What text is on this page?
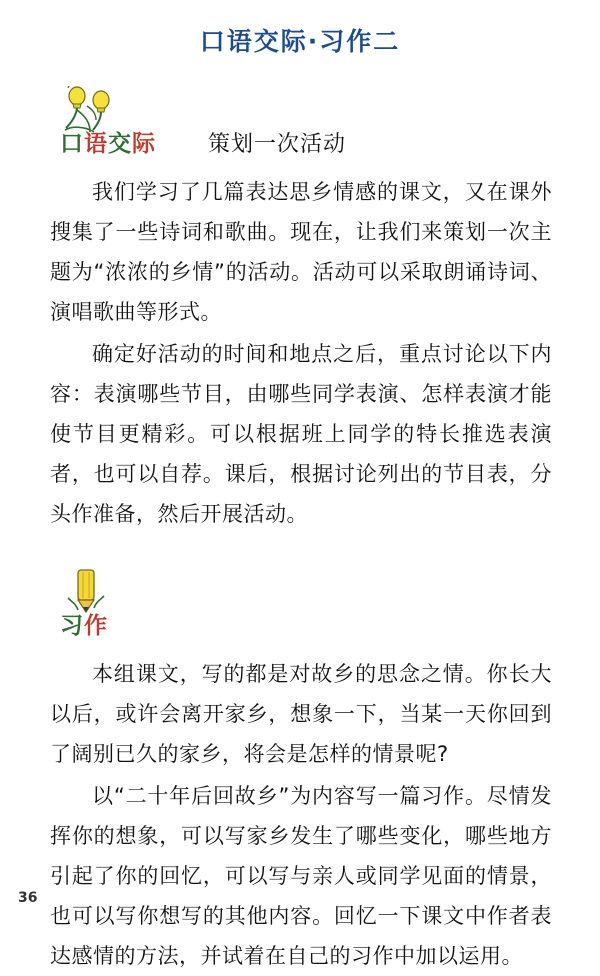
口语交际·习作二
口语交际 策划一次活动

我们学习了几篇表达思乡情感的课文，又在课外搜集了一些诗词和歌曲。现在，让我们来策划一次主题为“浓浓的乡情”的活动。活动可以采取朗诵诗词、演唱歌曲等形式。

确定好活动的时间和地点之后，重点讨论以下内容：表演哪些节目，由哪些同学表演、怎样表演才能使节目更精彩。可以根据班上同学的特长推选表演者，也可以自荐。课后，根据讨论列出的节目表，分头作准备，然后开展活动。

习作

本组课文，写的都是对故乡的思念之情。你长大以后，或许会离开家乡，想象一下，当某一天你回到了阔别已久的家乡，将会是怎样的情景呢?

以“二十年后回故乡”为内容写一篇习作。尽情发挥你的想象，可以写家乡发生了哪些变化，哪些地方引起了你的回忆，可以写与亲人或同学见面的情景，也可以写你想写的其他内容。回忆一下课文中作者表达感情的方法，并试着在自己的习作中加以运用。

36
